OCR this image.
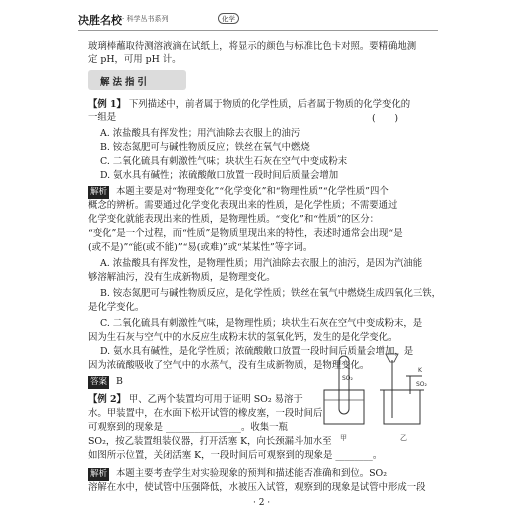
决胜名校 · 科学丛书系列	化学
玻璃棒蘸取待测溶液滴在试纸上，将显示的颜色与标准比色卡对照。要精确地测
定 pH，可用 pH 计。
解法指引
【例 1】 下列描述中，前者属于物质的化学性质，后者属于物质的化学变化的
一组是	(　　)
A. 浓盐酸具有挥发性；用汽油除去衣服上的油污
B. 铵态氮肥可与碱性物质反应；铁丝在氧气中燃烧
C. 二氧化硫具有刺激性气味；块状生石灰在空气中变成粉末
D. 氨水具有碱性；浓硫酸敞口放置一段时间后质量会增加
解析 本题主要是对“物理变化”“化学变化”和“物理性质”“化学性质”四个
概念的辨析。需要通过化学变化表现出来的性质，是化学性质；不需要通过
化学变化就能表现出来的性质，是物理性质。“变化”和“性质”的区分：
“变化”是一个过程，而“性质”是物质里现出来的特性，表述时通常会出现“是
(或不是)”“能(或不能)”“易(或难)”或“某某性”等字词。
A. 浓盐酸具有挥发性，是物理性质；用汽油除去衣服上的油污，是因为汽油能
够溶解油污，没有生成新物质，是物理变化。
B. 铵态氮肥可与碱性物质反应，是化学性质；铁丝在氧气中燃烧生成四氧化三铁，
是化学变化。
C. 二氧化硫具有刺激性气味，是物理性质；块状生石灰在空气中变成粉末，是
因为生石灰与空气中的水反应生成粉末状的氢氧化钙，发生的是化学变化。
D. 氨水具有碱性，是化学性质；浓硫酸敞口放置一段时间后质量会增加，是
因为浓硫酸吸收了空气中的水蒸气，没有生成新物质，是物理变化。
答案 B
【例 2】 甲、乙两个装置均可用于证明 SO₂ 易溶于
水。甲装置中，在水面下松开试管的橡皮塞，一段时间后
可观察到的现象是 ________________。收集一瓶
SO₂，按乙装置组装仪器，打开活塞 K，向长颈漏斗加水至
如图所示位置，关闭活塞 K，一段时间后可观察到的现象是 ________。
SO₂
甲
K
SO₂
乙
解析 本题主要考查学生对实验现象的预判和描述能否准确和到位。SO₂
溶解在水中，使试管中压强降低，水被压入试管，观察到的现象是试管中形成一段
· 2 ·
